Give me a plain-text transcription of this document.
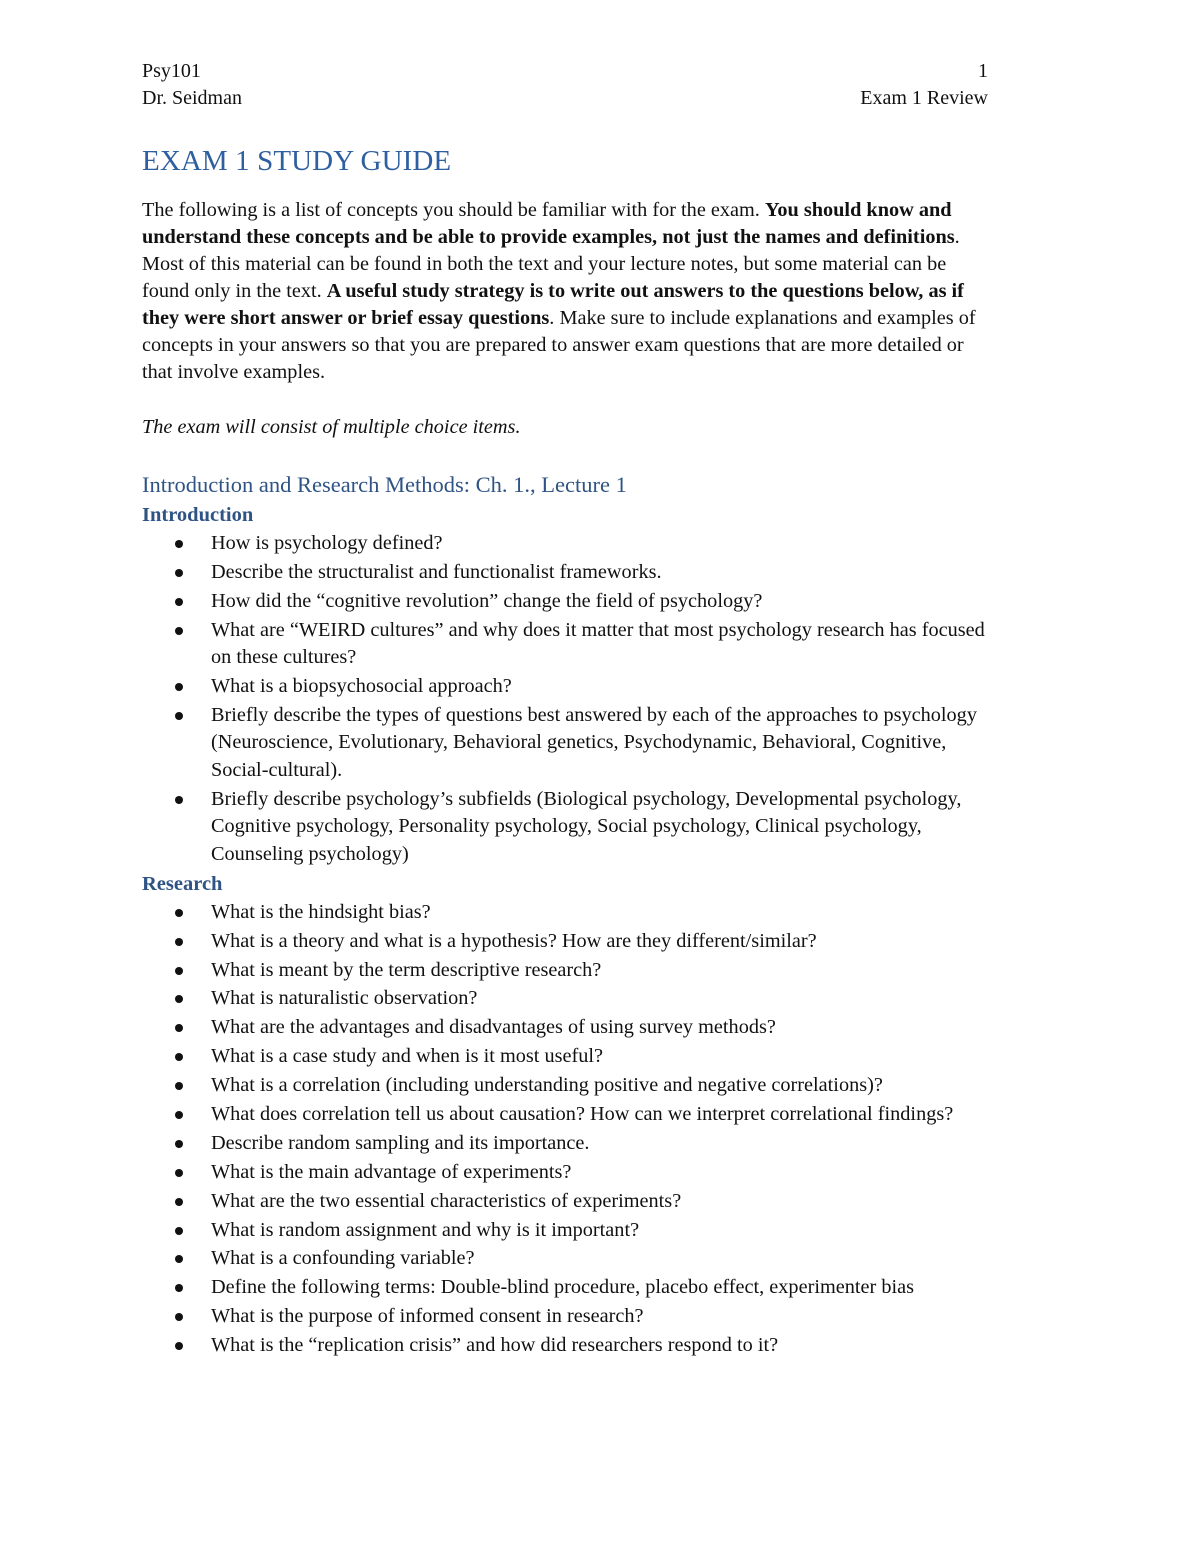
Psy101	1
Dr. Seidman	Exam 1 Review
EXAM 1 STUDY GUIDE
The following is a list of concepts you should be familiar with for the exam. You should know and understand these concepts and be able to provide examples, not just the names and definitions. Most of this material can be found in both the text and your lecture notes, but some material can be found only in the text. A useful study strategy is to write out answers to the questions below, as if they were short answer or brief essay questions. Make sure to include explanations and examples of concepts in your answers so that you are prepared to answer exam questions that are more detailed or that involve examples.
The exam will consist of multiple choice items.
Introduction and Research Methods: Ch. 1., Lecture 1
Introduction
How is psychology defined?
Describe the structuralist and functionalist frameworks.
How did the “cognitive revolution” change the field of psychology?
What are “WEIRD cultures” and why does it matter that most psychology research has focused on these cultures?
What is a biopsychosocial approach?
Briefly describe the types of questions best answered by each of the approaches to psychology (Neuroscience, Evolutionary, Behavioral genetics, Psychodynamic, Behavioral, Cognitive, Social-cultural).
Briefly describe psychology’s subfields (Biological psychology, Developmental psychology, Cognitive psychology, Personality psychology, Social psychology, Clinical psychology, Counseling psychology)
Research
What is the hindsight bias?
What is a theory and what is a hypothesis? How are they different/similar?
What is meant by the term descriptive research?
What is naturalistic observation?
What are the advantages and disadvantages of using survey methods?
What is a case study and when is it most useful?
What is a correlation (including understanding positive and negative correlations)?
What does correlation tell us about causation? How can we interpret correlational findings?
Describe random sampling and its importance.
What is the main advantage of experiments?
What are the two essential characteristics of experiments?
What is random assignment and why is it important?
What is a confounding variable?
Define the following terms: Double-blind procedure, placebo effect, experimenter bias
What is the purpose of informed consent in research?
What is the “replication crisis” and how did researchers respond to it?
